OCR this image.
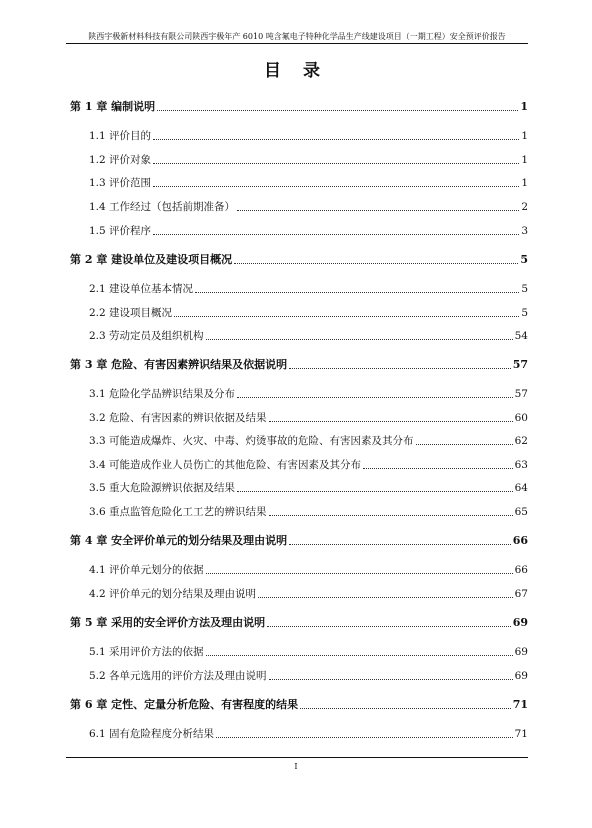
陕西宇极新材料科技有限公司陕西宇极年产 6010 吨含氟电子特种化学品生产线建设项目（一期工程）安全预评价报告
目 录
第 1 章 编制说明	1
1.1 评价目的	1
1.2 评价对象	1
1.3 评价范围	1
1.4 工作经过（包括前期准备）	2
1.5 评价程序	3
第 2 章 建设单位及建设项目概况	5
2.1 建设单位基本情况	5
2.2 建设项目概况	5
2.3 劳动定员及组织机构	54
第 3 章 危险、有害因素辨识结果及依据说明	57
3.1 危险化学品辨识结果及分布	57
3.2 危险、有害因素的辨识依据及结果	60
3.3 可能造成爆炸、火灾、中毒、灼烫事故的危险、有害因素及其分布	62
3.4 可能造成作业人员伤亡的其他危险、有害因素及其分布	63
3.5 重大危险源辨识依据及结果	64
3.6 重点监管危险化工工艺的辨识结果	65
第 4 章 安全评价单元的划分结果及理由说明	66
4.1 评价单元划分的依据	66
4.2 评价单元的划分结果及理由说明	67
第 5 章 采用的安全评价方法及理由说明	69
5.1 采用评价方法的依据	69
5.2 各单元选用的评价方法及理由说明	69
第 6 章 定性、定量分析危险、有害程度的结果	71
6.1 固有危险程度分析结果	71
I
